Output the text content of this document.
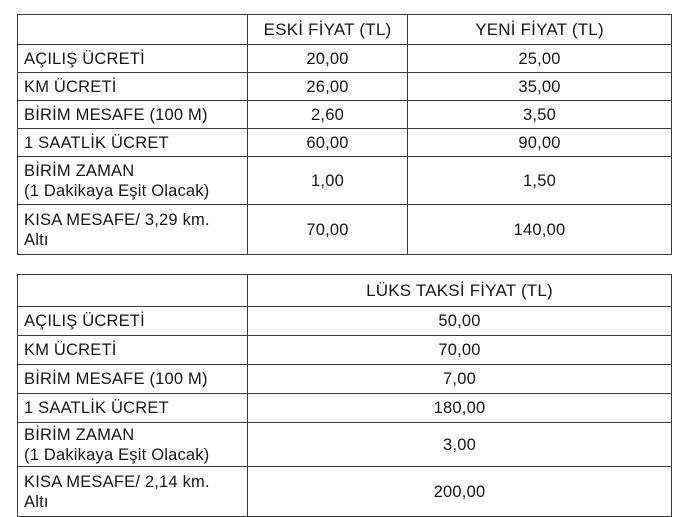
	ESKİ FİYAT (TL)	YENİ FİYAT (TL)
AÇILIŞ ÜCRETİ	20,00	25,00
KM ÜCRETİ	26,00	35,00
BİRİM MESAFE (100 M)	2,60	3,50
1 SAATLİK ÜCRET	60,00	90,00

BİRİM ZAMAN
(1 Dakikaya Eşit Olacak)	1,00	1,50

KISA MESAFE/ 3,29 km.
Altı	70,00	140,00
	LÜKS TAKSİ FİYAT (TL)
AÇILIŞ ÜCRETİ	50,00
KM ÜCRETİ	70,00
BİRİM MESAFE (100 M)	7,00
1 SAATLİK ÜCRET	180,00

BİRİM ZAMAN
(1 Dakikaya Eşit Olacak)	3,00

KISA MESAFE/ 2,14 km.
Altı	200,00
